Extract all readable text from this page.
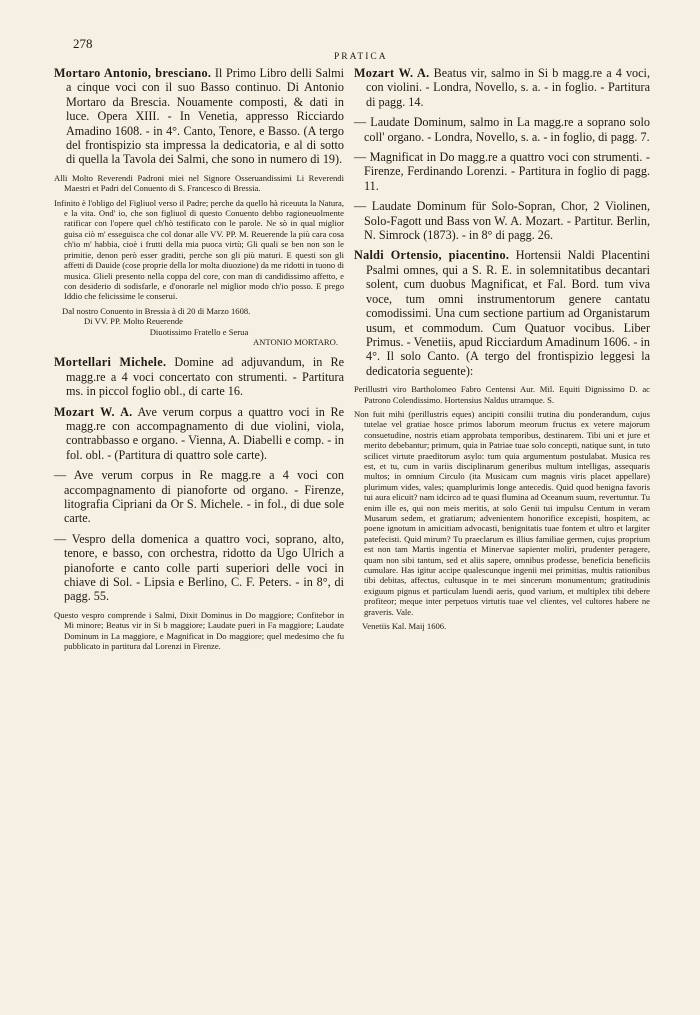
278
PRATICA

Mortaro Antonio, bresciano. Il Primo Libro delli Salmi a cinque voci con il suo Basso continuo. Di Antonio Mortaro da Brescia. Nouamente composti, & dati in luce. Opera XIII. - In Venetia, appresso Ricciardo Amadino 1608. - in 4°. Canto, Tenore, e Basso. (A tergo del frontispizio sta impressa la dedicatoria, e al di sotto di quella la Tavola dei Salmi, che sono in numero di 19).

Alli Molto Reverendi Padroni miei nel Signore Osseruandissimi Li Reverendi Maestri et Padri del Conuento di S. Francesco di Bressia.

Infinito è l'obligo del Figliuol verso il Padre; perche da quello hà riceuuta la Natura, e la vita. Ond' io, che son figliuol di questo Conuento debbo ragioneuolmente ratificar con l'opere quel ch'hò testificato con le parole. Ne sò in qual miglior guisa ciò m' esseguisca che col donar alle VV. PP. M. Reuerende la più cara cosa ch'io m' habbia, cioè i frutti della mia puoca virtù; Gli quali se ben non son le primitie, denon però esser graditi, perche son gli più maturi. E questi son gli affetti di Dauide (cose proprie della lor molta diuozione) da me ridotti in tuono di musica. Glieli presento nella coppa del core, con man di candidissimo affetto, e con desiderio di sodisfarle, e d'onorarle nel miglior modo ch'io posso. E prego Iddio che felicissime le conserui.

Dal nostro Conuento in Bressia à di 20 di Marzo 1608.

Di VV. PP. Molto Reuerende

Diuotissimo Fratello e Serua

ANTONIO MORTARO.

Mortellari Michele. Domine ad adjuvandum, in Re magg.re a 4 voci concertato con strumenti. - Partitura ms. in piccol foglio obl., di carte 16.

Mozart W. A. Ave verum corpus a quattro voci in Re magg.re con accompagnamento di due violini, viola, contrabbasso e organo. - Vienna, A. Diabelli e comp. - in fol. obl. - (Partitura di quattro sole carte).

— Ave verum corpus in Re magg.re a 4 voci con accompagnamento di pianoforte od organo. - Firenze, litografia Cipriani da Or S. Michele. - in fol., di due sole carte.

— Vespro della domenica a quattro voci, soprano, alto, tenore, e basso, con orchestra, ridotto da Ugo Ulrich a pianoforte e canto colle parti superiori delle voci in chiave di Sol. - Lipsia e Berlino, C. F. Peters. - in 8°, di pagg. 55.

Questo vespro comprende i Salmi, Dixit Dominus in Do maggiore; Confitebor in Mi minore; Beatus vir in Si b maggiore; Laudate pueri in Fa maggiore; Laudate Dominum in La maggiore, e Magnificat in Do maggiore; quel medesimo che fu pubblicato in partitura dal Lorenzi in Firenze.

Mozart W. A. Beatus vir, salmo in Si b magg.re a 4 voci, con violini. - Londra, Novello, s. a. - in foglio. - Partitura di pagg. 14.

— Laudate Dominum, salmo in La magg.re a soprano solo coll' organo. - Londra, Novello, s. a. - in foglio, di pagg. 7.

— Magnificat in Do magg.re a quattro voci con strumenti. - Firenze, Ferdinando Lorenzi. - Partitura in foglio di pagg. 11.

— Laudate Dominum für Solo-Sopran, Chor, 2 Violinen, Solo-Fagott und Bass von W. A. Mozart. - Partitur. Berlin, N. Simrock (1873). - in 8° di pagg. 26.

Naldi Ortensio, piacentino. Hortensii Naldi Placentini Psalmi omnes, qui a S. R. E. in solemnitatibus decantari solent, cum duobus Magnificat, et Fal. Bord. tum viva voce, tum omni instrumentorum genere cantatu comodissimi. Una cum sectione partium ad Organistarum usum, et commodum. Cum Quatuor vocibus. Liber Primus. - Venetiis, apud Ricciardum Amadinum 1606. - in 4°. Il solo Canto. (A tergo del frontispizio leggesi la dedicatoria seguente):

Perillustri viro Bartholomeo Fabro Centensi Aur. Mil. Equiti Dignissimo D. ac Patrono Colendissimo. Hortensius Naldus utramque. S.

Non fuit mihi (perillustris eques) ancipiti consilii trutina diu ponderandum, cujus tutelae vel gratiae hosce primos laborum meorum fructus ex vetere majorum consuetudine, nostris etiam approbata temporibus, destinarem. Tibi uni et jure et merito debebantur; primum, quia in Patriae tuae solo concepti, natique sunt, in tuto scilicet virtute praeditorum asylo: tum quia argumentum postulabat. Musica res est, et tu, cum in variis disciplinarum generibus multum intelligas, assequaris multos; in omnium Circulo (ita Musicam cum magnis viris placet appellare) plurimum vides, vales; quamplurimis longe antecedis. Quid quod benigna favoris tui aura elicuit? nam idcirco ad te quasi flumina ad Oceanum suum, revertuntur. Tu enim ille es, qui non meis meritis, at solo Genii tui impulsu Centum in veram Musarum sedem, et gratiarum; advenientem honorifice excepisti, hospitem, ac poene ignotum in amicitiam advocasti, benignitatis tuae fontem et ultro et largiter patefecisti. Quid mirum? Tu praeclarum es illius familiae germen, cujus proprium est non tam Martis ingentia et Minervae sapienter moliri, prudenter peragere, quam non sibi tantum, sed et aliis sapere, omnibus prodesse, beneficia beneficiis cumulare. Has igitur accipe qualescunque ingenii mei primitias, multis rationibus tibi debitas, affectus, cultusque in te mei sincerum monumentum; gratitudinis exiguum pignus et particulam luendi aeris, quod varium, et multiplex tibi debere profiteor; meque inter perpetuos virtutis tuae vel clientes, vel cultores habere ne graveris. Vale.

Venetiis Kal. Maij 1606.
